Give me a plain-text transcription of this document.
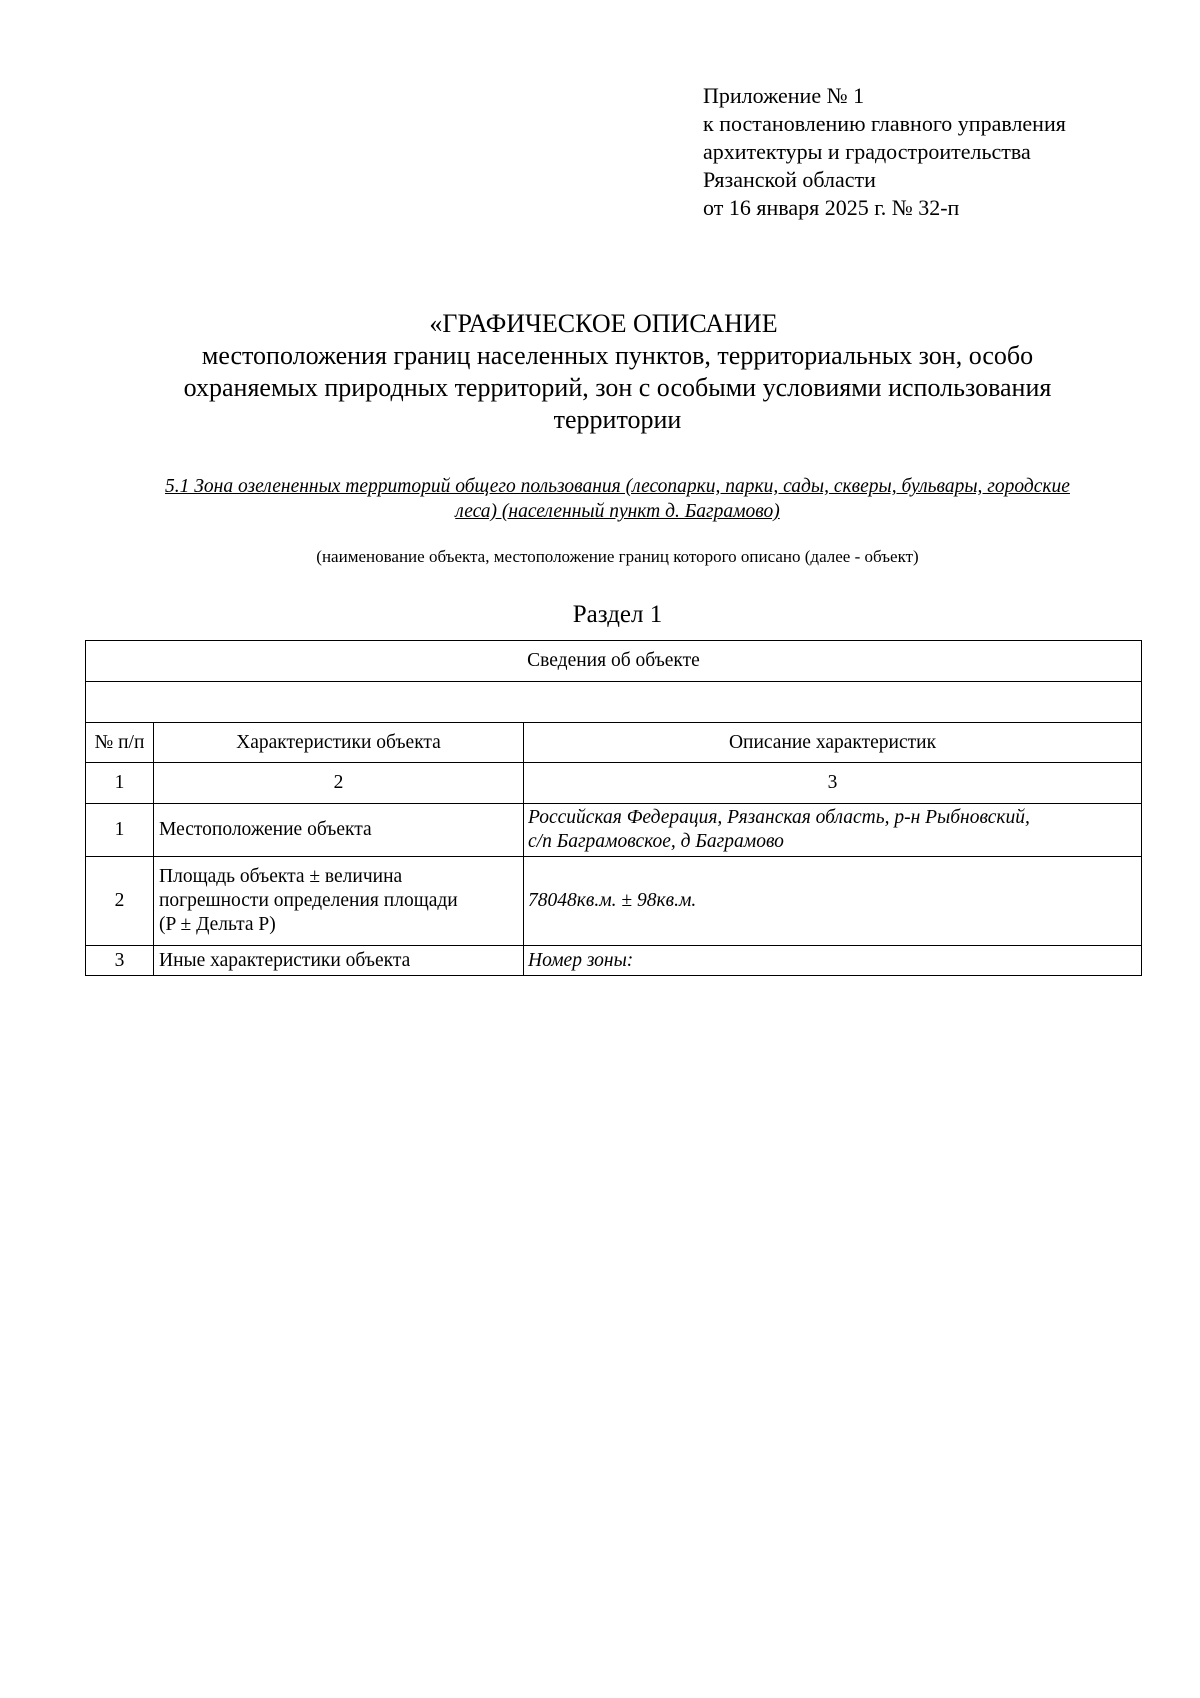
Приложение № 1
к постановлению главного управления
архитектуры и градостроительства
Рязанской области
от 16 января 2025 г. № 32-п
«ГРАФИЧЕСКОЕ ОПИСАНИЕ
местоположения границ населенных пунктов, территориальных зон, особо
охраняемых природных территорий, зон с особыми условиями использования
территории
5.1 Зона озелененных территорий общего пользования (лесопарки, парки, сады, скверы, бульвары, городские
леса) (населенный пункт д. Баграмово)
(наименование объекта, местоположение границ которого описано (далее - объект)
Раздел 1
Сведения об объекте		

№ п/п	Характеристики объекта	Описание характеристик
1	2	3
1	Местоположение объекта	Российская Федерация, Рязанская область, р-н Рыбновский,
с/п Баграмовское, д Баграмово

2	Площадь объекта ± величина
погрешности определения площади
(P ± Дельта P)	78048кв.м. ± 98кв.м.
3	Иные характеристики объекта	Номер зоны:
